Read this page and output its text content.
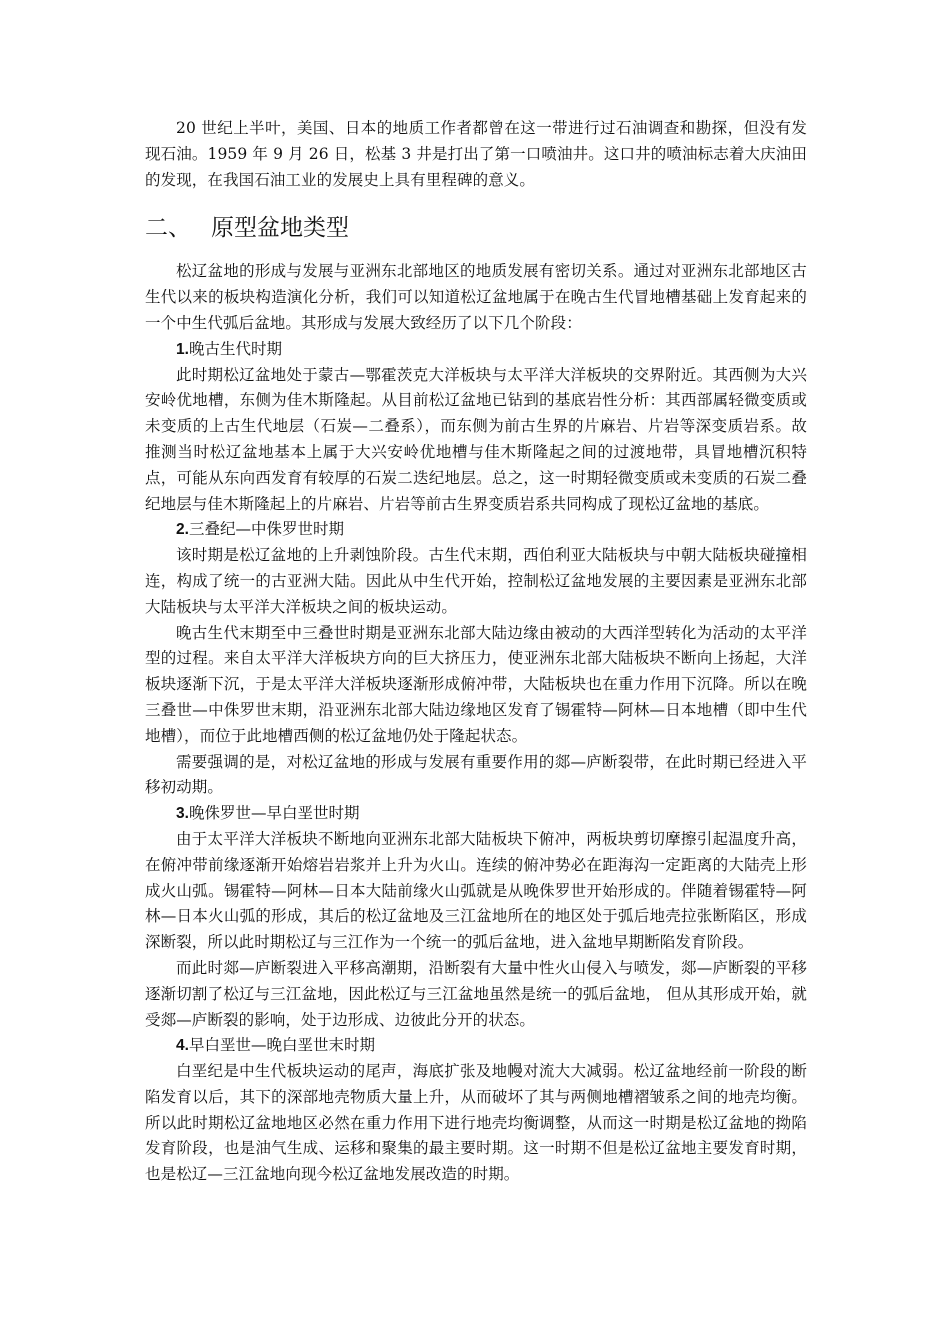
20 世纪上半叶，美国、日本的地质工作者都曾在这一带进行过石油调查和勘探，但没有发现石油。1959 年 9 月 26 日，松基 3 井是打出了第一口喷油井。这口井的喷油标志着大庆油田的发现，在我国石油工业的发展史上具有里程碑的意义。

二、 原型盆地类型

松辽盆地的形成与发展与亚洲东北部地区的地质发展有密切关系。通过对亚洲东北部地区古生代以来的板块构造演化分析，我们可以知道松辽盆地属于在晚古生代冒地槽基础上发育起来的一个中生代弧后盆地。其形成与发展大致经历了以下几个阶段：

1.晚古生代时期

此时期松辽盆地处于蒙古—鄂霍茨克大洋板块与太平洋大洋板块的交界附近。其西侧为大兴安岭优地槽，东侧为佳木斯隆起。从目前松辽盆地已钻到的基底岩性分析：其西部属轻微变质或未变质的上古生代地层（石炭—二叠系），而东侧为前古生界的片麻岩、片岩等深变质岩系。故推测当时松辽盆地基本上属于大兴安岭优地槽与佳木斯隆起之间的过渡地带，具冒地槽沉积特点，可能从东向西发育有较厚的石炭二迭纪地层。总之，这一时期轻微变质或未变质的石炭二叠纪地层与佳木斯隆起上的片麻岩、片岩等前古生界变质岩系共同构成了现松辽盆地的基底。

2.三叠纪—中侏罗世时期

该时期是松辽盆地的上升剥蚀阶段。古生代末期，西伯利亚大陆板块与中朝大陆板块碰撞相连，构成了统一的古亚洲大陆。因此从中生代开始，控制松辽盆地发展的主要因素是亚洲东北部大陆板块与太平洋大洋板块之间的板块运动。

晚古生代末期至中三叠世时期是亚洲东北部大陆边缘由被动的大西洋型转化为活动的太平洋型的过程。来自太平洋大洋板块方向的巨大挤压力，使亚洲东北部大陆板块不断向上扬起，大洋板块逐渐下沉，于是太平洋大洋板块逐渐形成俯冲带，大陆板块也在重力作用下沉降。所以在晚三叠世—中侏罗世末期，沿亚洲东北部大陆边缘地区发育了锡霍特—阿林—日本地槽（即中生代地槽），而位于此地槽西侧的松辽盆地仍处于隆起状态。

需要强调的是，对松辽盆地的形成与发展有重要作用的郯—庐断裂带，在此时期已经进入平移初动期。

3.晚侏罗世—早白垩世时期

由于太平洋大洋板块不断地向亚洲东北部大陆板块下俯冲，两板块剪切摩擦引起温度升高，在俯冲带前缘逐渐开始熔岩岩浆并上升为火山。连续的俯冲势必在距海沟一定距离的大陆壳上形成火山弧。锡霍特—阿林—日本大陆前缘火山弧就是从晚侏罗世开始形成的。伴随着锡霍特—阿林—日本火山弧的形成，其后的松辽盆地及三江盆地所在的地区处于弧后地壳拉张断陷区，形成深断裂，所以此时期松辽与三江作为一个统一的弧后盆地，进入盆地早期断陷发育阶段。

而此时郯—庐断裂进入平移高潮期，沿断裂有大量中性火山侵入与喷发，郯—庐断裂的平移逐渐切割了松辽与三江盆地，因此松辽与三江盆地虽然是统一的弧后盆地， 但从其形成开始，就受郯—庐断裂的影响，处于边形成、边彼此分开的状态。

4.早白垩世—晚白垩世末时期

白垩纪是中生代板块运动的尾声，海底扩张及地幔对流大大减弱。松辽盆地经前一阶段的断陷发育以后，其下的深部地壳物质大量上升，从而破坏了其与两侧地槽褶皱系之间的地壳均衡。所以此时期松辽盆地地区必然在重力作用下进行地壳均衡调整，从而这一时期是松辽盆地的拗陷发育阶段，也是油气生成、运移和聚集的最主要时期。这一时期不但是松辽盆地主要发育时期，也是松辽—三江盆地向现今松辽盆地发展改造的时期。
